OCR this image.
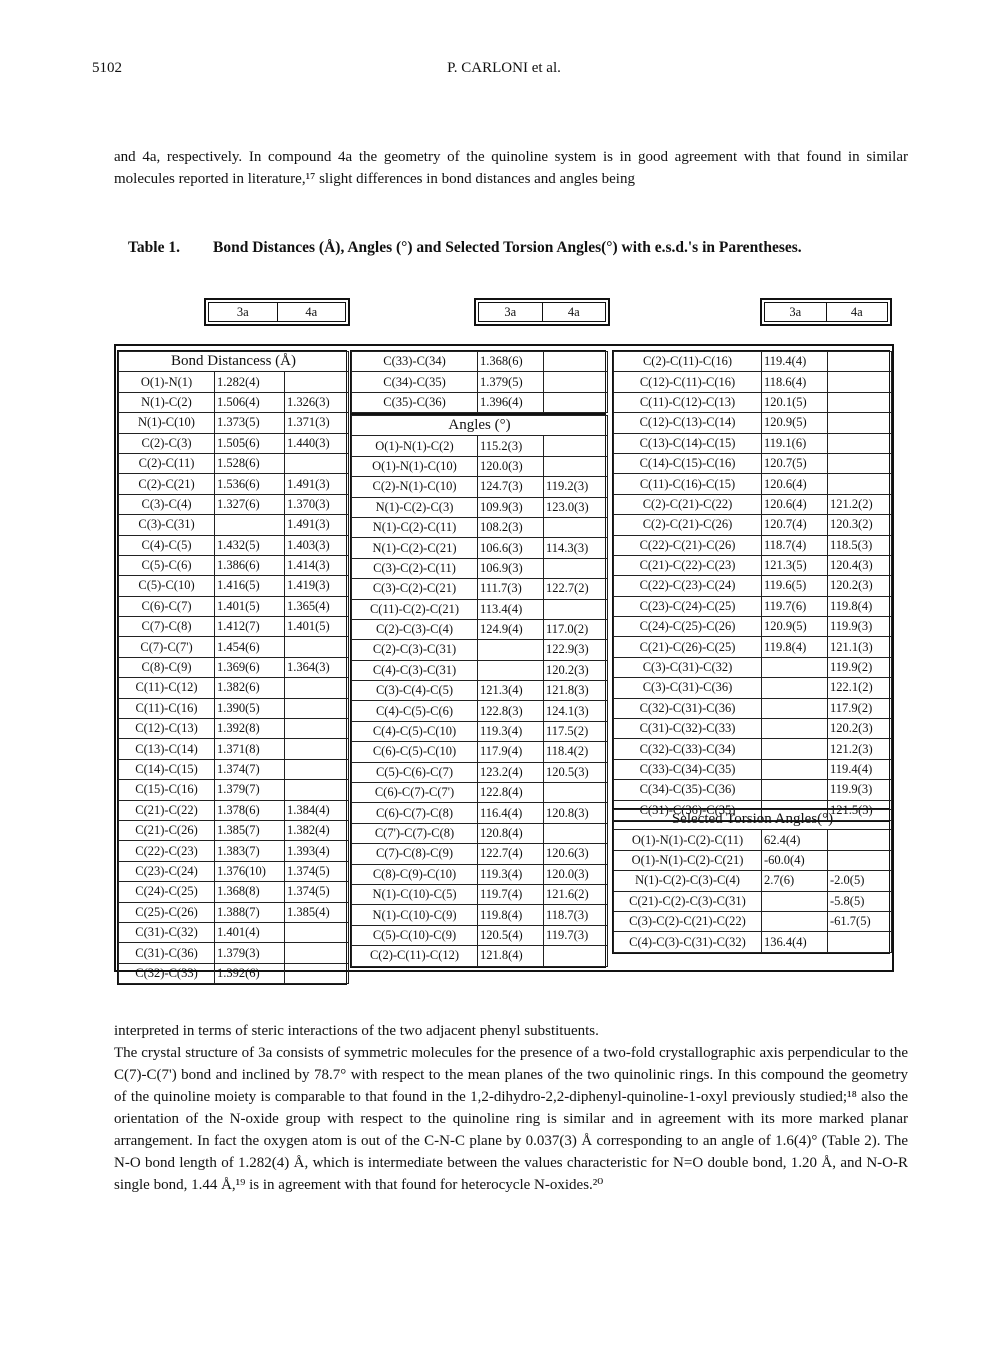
5102	P. CARLONI et al.

and 4a, respectively. In compound 4a the geometry of the quinoline system is in good agreement with that found in similar molecules reported in literature,¹⁷ slight differences in bond distances and angles being

Table 1. Bond Distances (Å), Angles (°) and Selected Torsion Angles(°) with e.s.d.'s in Parentheses.
3a	4a	3a	4a	3a	4a
Bond Distancess (Å)		
O(1)-N(1)	1.282(4)	
N(1)-C(2)	1.506(4)	1.326(3)
N(1)-C(10)	1.373(5)	1.371(3)
C(2)-C(3)	1.505(6)	1.440(3)
C(2)-C(11)	1.528(6)	
C(2)-C(21)	1.536(6)	1.491(3)
C(3)-C(4)	1.327(6)	1.370(3)
C(3)-C(31)		1.491(3)
C(4)-C(5)	1.432(5)	1.403(3)
C(5)-C(6)	1.386(6)	1.414(3)
C(5)-C(10)	1.416(5)	1.419(3)
C(6)-C(7)	1.401(5)	1.365(4)
C(7)-C(8)	1.412(7)	1.401(5)
C(7)-C(7')	1.454(6)	
C(8)-C(9)	1.369(6)	1.364(3)
C(11)-C(12)	1.382(6)	
C(11)-C(16)	1.390(5)	
C(12)-C(13)	1.392(8)	
C(13)-C(14)	1.371(8)	
C(14)-C(15)	1.374(7)	
C(15)-C(16)	1.379(7)	
C(21)-C(22)	1.378(6)	1.384(4)
C(21)-C(26)	1.385(7)	1.382(4)
C(22)-C(23)	1.383(7)	1.393(4)
C(23)-C(24)	1.376(10)	1.374(5)
C(24)-C(25)	1.368(8)	1.374(5)
C(25)-C(26)	1.388(7)	1.385(4)
C(31)-C(32)	1.401(4)	
C(31)-C(36)	1.379(3)	
C(32)-C(33)	1.392(6)	
C(33)-C(34)	1.368(6)	
C(34)-C(35)	1.379(5)	
C(35)-C(36)	1.396(4)	
Angles (°)		
O(1)-N(1)-C(2)	115.2(3)	
O(1)-N(1)-C(10)	120.0(3)	
C(2)-N(1)-C(10)	124.7(3)	119.2(3)
N(1)-C(2)-C(3)	109.9(3)	123.0(3)
N(1)-C(2)-C(11)	108.2(3)	
N(1)-C(2)-C(21)	106.6(3)	114.3(3)
C(3)-C(2)-C(11)	106.9(3)	
C(3)-C(2)-C(21)	111.7(3)	122.7(2)
C(11)-C(2)-C(21)	113.4(4)	
C(2)-C(3)-C(4)	124.9(4)	117.0(2)
C(2)-C(3)-C(31)		122.9(3)
C(4)-C(3)-C(31)		120.2(3)
C(3)-C(4)-C(5)	121.3(4)	121.8(3)
C(4)-C(5)-C(6)	122.8(3)	124.1(3)
C(4)-C(5)-C(10)	119.3(4)	117.5(2)
C(6)-C(5)-C(10)	117.9(4)	118.4(2)
C(5)-C(6)-C(7)	123.2(4)	120.5(3)
C(6)-C(7)-C(7')	122.8(4)	
C(6)-C(7)-C(8)	116.4(4)	120.8(3)
C(7')-C(7)-C(8)	120.8(4)	
C(7)-C(8)-C(9)	122.7(4)	120.6(3)
C(8)-C(9)-C(10)	119.3(4)	120.0(3)
N(1)-C(10)-C(5)	119.7(4)	121.6(2)
N(1)-C(10)-C(9)	119.8(4)	118.7(3)
C(5)-C(10)-C(9)	120.5(4)	119.7(3)
C(2)-C(11)-C(12)	121.8(4)	
C(2)-C(11)-C(16)	119.4(4)	
C(12)-C(11)-C(16)	118.6(4)	
C(11)-C(12)-C(13)	120.1(5)	
C(12)-C(13)-C(14)	120.9(5)	
C(13)-C(14)-C(15)	119.1(6)	
C(14)-C(15)-C(16)	120.7(5)	
C(11)-C(16)-C(15)	120.6(4)	
C(2)-C(21)-C(22)	120.6(4)	121.2(2)
C(2)-C(21)-C(26)	120.7(4)	120.3(2)
C(22)-C(21)-C(26)	118.7(4)	118.5(3)
C(21)-C(22)-C(23)	121.3(5)	120.4(3)
C(22)-C(23)-C(24)	119.6(5)	120.2(3)
C(23)-C(24)-C(25)	119.7(6)	119.8(4)
C(24)-C(25)-C(26)	120.9(5)	119.9(3)
C(21)-C(26)-C(25)	119.8(4)	121.1(3)
C(3)-C(31)-C(32)		119.9(2)
C(3)-C(31)-C(36)		122.1(2)
C(32)-C(31)-C(36)		117.9(2)
C(31)-C(32)-C(33)		120.2(3)
C(32)-C(33)-C(34)		121.2(3)
C(33)-C(34)-C(35)		119.4(4)
C(34)-C(35)-C(36)		119.9(3)
C(31)-C(36)-C(35)		121.5(3)
Selected Torsion Angles(°)		
O(1)-N(1)-C(2)-C(11)	62.4(4)	
O(1)-N(1)-C(2)-C(21)	-60.0(4)	
N(1)-C(2)-C(3)-C(4)	2.7(6)	-2.0(5)
C(21)-C(2)-C(3)-C(31)		-5.8(5)
C(3)-C(2)-C(21)-C(22)		-61.7(5)
C(4)-C(3)-C(31)-C(32)	136.4(4)	

interpreted in terms of steric interactions of the two adjacent phenyl substituents.

The crystal structure of 3a consists of symmetric molecules for the presence of a two-fold crystallographic axis perpendicular to the C(7)-C(7') bond and inclined by 78.7° with respect to the mean planes of the two quinolinic rings. In this compound the geometry of the quinoline moiety is comparable to that found in the 1,2-dihydro-2,2-diphenyl-quinoline-1-oxyl previously studied;¹⁸ also the orientation of the N-oxide group with respect to the quinoline ring is similar and in agreement with its more marked planar arrangement. In fact the oxygen atom is out of the C-N-C plane by 0.037(3) Å corresponding to an angle of 1.6(4)° (Table 2). The N-O bond length of 1.282(4) Å, which is intermediate between the values characteristic for N=O double bond, 1.20 Å, and N-O-R single bond, 1.44 Å,¹⁹ is in agreement with that found for heterocycle N-oxides.²⁰
